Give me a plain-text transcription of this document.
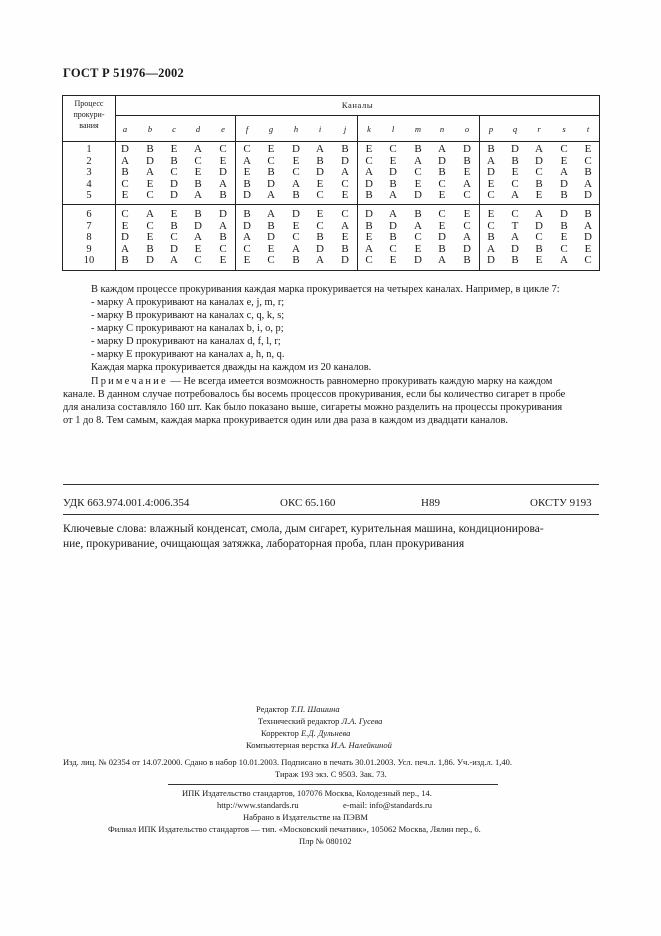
ГОСТ Р 51976—2002
Процесс
прокури-
вания
Каналы
a	b	c	d	e	f	g	h	i	j	k	l	m	n	o	p	q	r	s	t
1	D	B	E	A	C	C	E	D	A	B	E	C	B	A	D	B	D	A	C	E
2	A	D	B	C	E	A	C	E	B	D	C	E	A	D	B	A	B	D	E	C
3	B	A	C	E	D	E	B	C	D	A	A	D	C	B	E	D	E	C	A	B
4	C	E	D	B	A	B	D	A	E	C	D	B	E	C	A	E	C	B	D	A
5	E	C	D	A	B	D	A	B	C	E	B	A	D	E	C	C	A	E	B	D
6	C	A	E	B	D	B	A	D	E	C	D	A	B	C	E	E	C	A	D	B
7	E	C	B	D	A	D	B	E	C	A	B	D	A	E	C	C	T	D	B	A
8	D	E	C	A	B	A	D	C	B	E	E	B	C	D	A	B	A	C	E	D
9	A	B	D	E	C	C	E	A	D	B	A	C	E	B	D	A	D	B	C	E
10	B	D	A	C	E	E	C	B	A	D	C	E	D	A	B	D	B	E	A	C
В каждом процессе прокуривания каждая марка прокуривается на четырех каналах. Например, в цикле 7:
- марку A прокуривают на каналах e, j, m, r;
- марку B прокуривают на каналах c, q, k, s;
- марку C прокуривают на каналах b, i, o, p;
- марку D прокуривают на каналах d, f, l, r;
- марку E прокуривают на каналах a, h, n, q.
Каждая марка прокуривается дважды на каждом из 20 каналов.
Примечание — Не всегда имеется возможность равномерно прокуривать каждую марку на каждом
канале. В данном случае потребовалось бы восемь процессов прокуривания, если бы количество сигарет в пробе
для анализа составляло 160 шт. Как было показано выше, сигареты можно разделить на процессы прокуривания
от 1 до 8. Тем самым, каждая марка прокуривается один или два раза в каждом из двадцати каналов.
УДК 663.974.001.4:006.354	ОКС 65.160	Н89	ОКСТУ 9193
Ключевые слова: влажный конденсат, смола, дым сигарет, курительная машина, кондиционирова-
ние, прокуривание, очищающая затяжка, лабораторная проба, план прокуривания
Редактор Т.П. Шашина
Технический редактор Л.А. Гусева
Корректор Е.Д. Дульнева
Компьютерная верстка И.А. Налейкиной
Изд. лиц. № 02354 от 14.07.2000. Сдано в набор 10.01.2003. Подписано в печать 30.01.2003. Усл. печ.л. 1,86. Уч.-изд.л. 1,40.
Тираж 193 экз. С 9503. Зак. 73.
ИПК Издательство стандартов, 107076 Москва, Колодезный пер., 14.
http://www.standards.ru	e-mail: info@standards.ru
Набрано в Издательстве на ПЭВМ
Филиал ИПК Издательство стандартов — тип. «Московский печатник», 105062 Москва, Лялин пер., 6.
Плр № 080102
